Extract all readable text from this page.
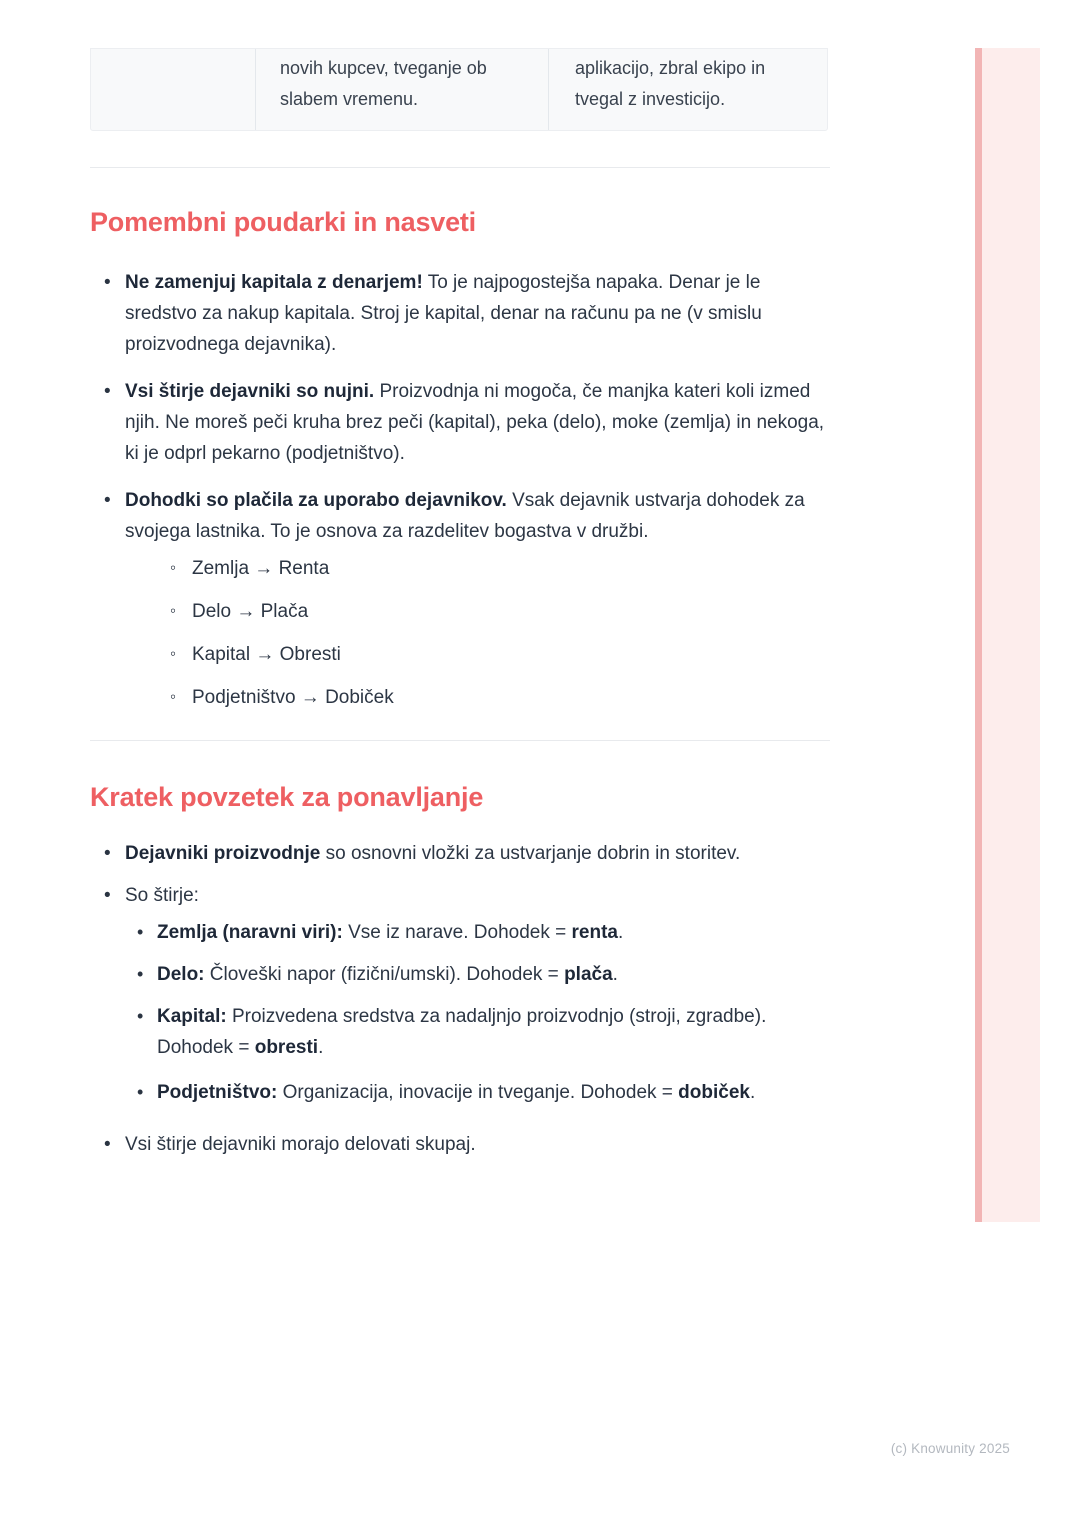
novih kupcev, tveganje ob slabem vremenu.
aplikacijo, zbral ekipo in tvegal z investicijo.
Pomembni poudarki in nasveti
• Ne zamenjuj kapitala z denarjem! To je najpogostejša napaka. Denar je le sredstvo za nakup kapitala. Stroj je kapital, denar na računu pa ne (v smislu proizvodnega dejavnika).
• Vsi štirje dejavniki so nujni. Proizvodnja ni mogoča, če manjka kateri koli izmed njih. Ne moreš peči kruha brez peči (kapital), peka (delo), moke (zemlja) in nekoga, ki je odprl pekarno (podjetništvo).
• Dohodki so plačila za uporabo dejavnikov. Vsak dejavnik ustvarja dohodek za svojega lastnika. To je osnova za razdelitev bogastva v družbi.
◦ Zemlja → Renta
◦ Delo → Plača
◦ Kapital → Obresti
◦ Podjetništvo → Dobiček
Kratek povzetek za ponavljanje
• Dejavniki proizvodnje so osnovni vložki za ustvarjanje dobrin in storitev.
• So štirje:
• Zemlja (naravni viri): Vse iz narave. Dohodek = renta.
• Delo: Človeški napor (fizični/umski). Dohodek = plača.
• Kapital: Proizvedena sredstva za nadaljnjo proizvodnjo (stroji, zgradbe). Dohodek = obresti.
• Podjetništvo: Organizacija, inovacije in tveganje. Dohodek = dobiček.
• Vsi štirje dejavniki morajo delovati skupaj.
(c) Knowunity 2025
